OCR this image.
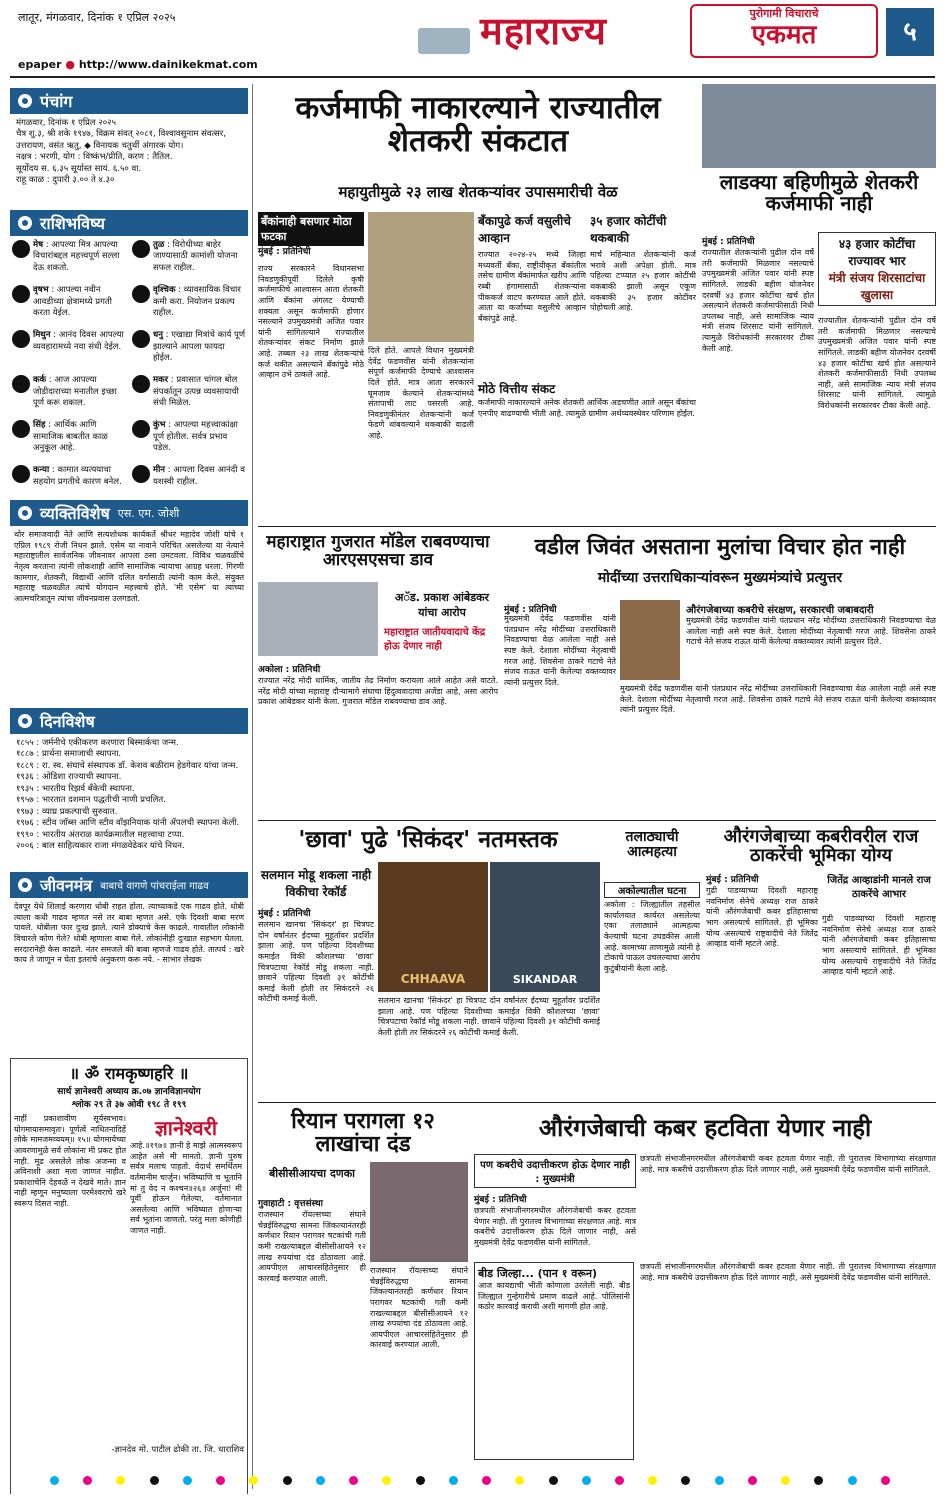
लातूर, मंगळवार, दिनांक १ एप्रिल २०२५	महाराज्य	पुरोगामी विचाराचे
एकमत	५
epaper ● http://www.dainikekmat.com
पंचांग
मंगळवार, दिनांक १ एप्रिल २०२५
चैत्र शु.३, श्री शके १९४७, विक्रम संवत् २०८१, विश्वावसुनाम संवत्सर, उत्तरायण, वसंत ऋतु, ◆ विनायक चतुर्थी अंगारक योग।
नक्षत्र : भरणी, योग : विष्कंभ/प्रीति, करण : तैतिल.
सूर्योदय स. ६.३५ सूर्यास्त सायं. ६.५० वा.
राहू काळ : दुपारी ३.०० ते ४.३०
राशिभविष्य
मेष : आपल्या मित्र आपल्या विचारांबद्दल महत्त्वपूर्ण सल्ला देऊ शकतो.
तुळ : विरोधीच्या बाहेर जाण्यासाठी कामांशी योजना सफल राहील.
वृषभ : आपल्या नवीन आवडीच्या क्षेत्रामध्ये प्रगती करता येईल.
वृश्चिक : व्यावसायिक विचार कमी करा. नियोजन प्रकल्प राहील.
मिथुन : आनंद दिवस आपल्या व्यवहारामध्ये नवा संधी देईल.
धनु : एखाद्या मित्रांचे कार्य पूर्ण झाल्याने आपला फायदा होईल.
कर्क : आज आपल्या जोडीदाराच्या मनातील इच्छा पूर्ण करू शकाल.
मकर : प्रवासात चांगल बोल संपर्कातून उत्पन्न व्यवसायाची संधी मिळेल.
सिंह : आर्थिक आणि सामाजिक बाबतीत काळ अनुकूल आहे.
कुंभ : आपल्या महत्त्वाकांक्षा पूर्ण होतील. सर्वत्र प्रभाव पडेल.
कन्या : कामात व्यत्ययाचा सहयोग प्रगतीचे कारण बनेल.
मीन : आपला दिवस आनंदी व यशस्वी राहील.
व्यक्तिविशेष एस. एम. जोशी
थोर समाजवादी नेते आणि सत्यशोधक कार्यकर्ते श्रीधर महादेव जोशी यांचे १ एप्रिल १९८९ रोजी निधन झाले. एसेम या नावाने परिचित असलेल्या या नेत्याने महाराष्ट्रातील सार्वजनिक जीवनावर आपला ठसा उमटवला. विविध चळवळींचे नेतृत्व करताना त्यांनी लोकशाही आणि सामाजिक न्यायाचा आग्रह धरला. गिरणी कामगार, शेतकरी, विद्यार्थी आणि दलित वर्गासाठी त्यांनी काम केले. संयुक्त महाराष्ट्र चळवळीत त्यांचे योगदान महत्त्वाचे होते. 'मी एसेम' या त्यांच्या आत्मचरित्रातून त्यांचा जीवनप्रवास उलगडतो.
दिनविशेष
१८५५ : जर्मनीचे एकीकरण करणारा बिस्मार्कचा जन्म.
१८८७ : प्रार्थना समाजाची स्थापना.
१८८९ : रा. स्व. संघाचे संस्थापक डॉ. केशव बळीराम हेडगेवार यांचा जन्म.
१९३६ : ओडिशा राज्याची स्थापना.
१९३५ : भारतीय रिझर्व बँकेची स्थापना.
१९५७ : भारतात दशमान पद्धतीची नाणी प्रचलित.
१९७३ : व्याघ्र प्रकल्पाची सुरुवात.
१९७६ : स्टीव जॉब्स आणि स्टीव वॉझनियाक यांनी ॲपलची स्थापना केली.
१९९० : भारतीय अंतराळ कार्यक्रमातील महत्त्वाचा टप्पा.
२००६ : बाल साहित्यकार राजा मंगळवेढेकर यांचे निधन.
जीवनमंत्र बाबाचे वागणे पांचराईला गाढव
देवपूर येथे शिलाई करणारा धोबी राहत होता. त्याच्याकडे एक गाढव होते. धोबी त्याला कधी गाढव म्हणत नसे तर बाबा म्हणत असे. एके दिवशी बाबा मरण पावले. धोबीला फार दुःख झाले. त्याने डोक्याचे केस काढले. गावातील लोकांनी विचारले कोण गेले? धोबी म्हणाला बाबा गेले. लोकांनीही दुःखात सहभाग घेतला. सरदारानेही केस काढले. नंतर समजले की बाबा म्हणजे गाढव होते. तात्पर्य : खरे काय ते जाणून न घेता इतरांचे अनुकरण करू नये. - साभार लेखक
॥ ॐ रामकृष्णहरि ॥
सार्थ ज्ञानेश्वरी अध्याय क्र.०७ ज्ञानविज्ञानयोग
श्लोक २९ ते ३७ ओवी १९८ ते १९९
नाहीं प्रकाशावीण सूर्यस्वभाव। योगमायासमावृतः। पूर्णत्वें नाथितनादिहें लोके मामजमव्ययम्॥ १५॥ योगमायेच्या आवरणामुळे सर्व लोकांना मी प्रकट होत नाही. मूढ असलेले लोक अजन्मा व अविनाशी अशा मला जाणत नाहीत. प्रकाशाचेनि देहवळें न देखवे माते। ज्ञान नाही म्हणून मनुष्याला परमेश्वराचे खरे स्वरूप दिसत नाही.
ज्ञानेश्वरी
आहे.॥१९७॥ ज्ञानी हे माझे आत्मस्वरूप आहेत असे मी मानतो. ज्ञानी पुरुष सर्वत्र मलाच पाहतो. वेदार्थ समर्थितम वर्तमानीम चार्जुन। भविष्याणि च भूतानि मां तु वेद न कश्चन॥२६॥ अर्जुना! मी पूर्वी होऊन गेलेल्या, वर्तमानात असलेल्या आणि भविष्यात होणाऱ्या सर्व भूतांना जाणतो. परंतु मला कोणीही जाणत नाही.
-ज्ञानदेव मो. पाटील ढोकी ता. जि. धाराशिव
कर्जमाफी नाकारल्याने राज्यातील शेतकरी संकटात
महायुतीमुळे २३ लाख शेतकऱ्यांवर उपासमारीची वेळ
बँकांनाही बसणार मोठा फटका
बँकापुढे कर्ज वसुलीचे आव्हान
३५ हजार कोटींची थकबाकी
राज्य सरकारने विधानसभा निवडणुकीपूर्वी दिलेले कृषी कर्जमाफीचे आश्वासन आता शेतकरी आणि बँकांना अंगलट येण्याची शक्यता असून कर्जमाफी होणार नसल्याने उपमुख्यमंत्री अजित पवार यांनी सांगितल्याने राज्यातील शेतकऱ्यांवर संकट निर्माण झाले आहे. तब्बल २३ लाख शेतकऱ्यांचे कर्ज थकीत असल्याने बँकांपुढे मोठे आव्हान उभे ठाकले आहे.
दिले होते. आपले विधान मुख्यमंत्री देवेंद्र फडणवीस यांनी शेतकऱ्यांना संपूर्ण कर्जमाफी देण्याचे आश्वासन दिले होते. मात्र आता सरकारने घूमजाव केल्याने शेतकऱ्यांमध्ये संतापाची लाट पसरली आहे. निवडणुकीनंतर शेतकऱ्यांनी कर्ज फेडणे थांबवल्याने थकबाकी वाढली आहे.
राज्यात २०२४-२५ मध्ये जिल्हा मध्यवर्ती बँका, राष्ट्रीयीकृत बँकांतील तसेच ग्रामीण बँकांमार्फत खरीप आणि रब्बी हंगामासाठी शेतकऱ्यांना पीककर्ज वाटप करण्यात आले होते. आता या कर्जाच्या वसुलीचे आव्हान बँकांपुढे आहे.
मार्च महिन्यात शेतकऱ्यांनी कर्ज भरावे अशी अपेक्षा होती. मात्र पहिल्या टप्प्यात २५ हजार कोटींची थकबाकी झाली असून एकूण थकबाकी ३५ हजार कोटींवर पोहोचली आहे.
मोठे वित्तीय संकट
कर्जमाफी नाकारल्याने अनेक शेतकरी आर्थिक अडचणीत आले असून बँकांचा एनपीए वाढण्याची भीती आहे. त्यामुळे ग्रामीण अर्थव्यवस्थेवर परिणाम होईल.
मुंबई : प्रतिनिधी
लाडक्या बहिणीमुळे शेतकरी कर्जमाफी नाही
मुंबई : प्रतिनिधी
राज्यातील शेतकऱ्यांनी पुढील दोन वर्षे तरी कर्जमाफी मिळणार नसल्याचे उपमुख्यमंत्री अजित पवार यांनी स्पष्ट सांगितले. लाडकी बहीण योजनेवर दरवर्षी ४३ हजार कोटींचा खर्च होत असल्याने शेतकरी कर्जमाफीसाठी निधी उपलब्ध नाही, असे सामाजिक न्याय मंत्री संजय शिरसाट यांनी सांगितले. त्यामुळे विरोधकांनी सरकारवर टीका केली आहे.
४३ हजार कोटींचा राज्यावर भार
मंत्री संजय शिरसाटांचा खुलासा
राज्यातील शेतकऱ्यांनी पुढील दोन वर्षे तरी कर्जमाफी मिळणार नसल्याचे उपमुख्यमंत्री अजित पवार यांनी स्पष्ट सांगितले. लाडकी बहीण योजनेवर दरवर्षी ४३ हजार कोटींचा खर्च होत असल्याने शेतकरी कर्जमाफीसाठी निधी उपलब्ध नाही, असे सामाजिक न्याय मंत्री संजय शिरसाट यांनी सांगितले. त्यामुळे विरोधकांनी सरकारवर टीका केली आहे.
महाराष्ट्रात गुजरात मॉडेल राबवण्याचा आरएसएसचा डाव
अॅड. प्रकाश आंबेडकर यांचा आरोप
महाराष्ट्रात जातीयवादाचे केंद्र होऊ देणार नाही
अकोला : प्रतिनिधी
राज्यात नरेंद्र मोदी धार्मिक, जातीय तेढ निर्माण करायला आले आहेत असे वाटते. नरेंद्र मोदी यांच्या महाराष्ट्र दौऱ्यामागे संघाचा हिंदुत्ववादाचा अजेंडा आहे, असा आरोप प्रकाश आंबेडकर यांनी केला. गुजरात मॉडेल राबवण्याचा डाव आहे.
वडील जिवंत असताना मुलांचा विचार होत नाही
मोदींच्या उत्तराधिकाऱ्यांवरून मुख्यमंत्र्यांचे प्रत्युत्तर
मुंबई : प्रतिनिधी
मुख्यमंत्री देवेंद्र फडणवीस यांनी पंतप्रधान नरेंद्र मोदींच्या उत्तराधिकारी निवडण्याचा वेळ आलेला नाही असे स्पष्ट केले. देशाला मोदींच्या नेतृत्वाची गरज आहे. शिवसेना ठाकरे गटाचे नेते संजय राऊत यांनी केलेल्या वक्तव्यावर त्यांनी प्रत्युत्तर दिले.
औरंगजेबाच्या कबरीचे संरक्षण, सरकारची जबाबदारी
मुख्यमंत्री देवेंद्र फडणवीस यांनी पंतप्रधान नरेंद्र मोदींच्या उत्तराधिकारी निवडण्याचा वेळ आलेला नाही असे स्पष्ट केले. देशाला मोदींच्या नेतृत्वाची गरज आहे. शिवसेना ठाकरे गटाचे नेते संजय राऊत यांनी केलेल्या वक्तव्यावर त्यांनी प्रत्युत्तर दिले.
मुख्यमंत्री देवेंद्र फडणवीस यांनी पंतप्रधान नरेंद्र मोदींच्या उत्तराधिकारी निवडण्याचा वेळ आलेला नाही असे स्पष्ट केले. देशाला मोदींच्या नेतृत्वाची गरज आहे. शिवसेना ठाकरे गटाचे नेते संजय राऊत यांनी केलेल्या वक्तव्यावर त्यांनी प्रत्युत्तर दिले.
'छावा' पुढे 'सिकंदर' नतमस्तक
सलमान मोडू शकला नाही विकीचा रेकॉर्ड
मुंबई : प्रतिनिधी
CHHAAVA	SIKANDAR
सलमान खानचा 'सिकंदर' हा चित्रपट दोन वर्षांनंतर ईदच्या मुहूर्तावर प्रदर्शित झाला आहे. पण पहिल्या दिवशीच्या कमाईत विकी कौशलच्या 'छावा' चित्रपटाचा रेकॉर्ड मोडू शकला नाही. छावाने पहिल्या दिवशी ३१ कोटींची कमाई केली होती तर सिकंदरने २६ कोटींची कमाई केली.	सलमान खानचा 'सिकंदर' हा चित्रपट दोन वर्षांनंतर ईदच्या मुहूर्तावर प्रदर्शित झाला आहे. पण पहिल्या दिवशीच्या कमाईत विकी कौशलच्या 'छावा' चित्रपटाचा रेकॉर्ड मोडू शकला नाही. छावाने पहिल्या दिवशी ३१ कोटींची कमाई केली होती तर सिकंदरने २६ कोटींची कमाई केली.
तलाठ्याची आत्महत्या
अकोल्यातील घटना
अकोला : जिल्ह्यातील तहसील कार्यालयात कार्यरत असलेल्या एका तलाठ्याने आत्महत्या केल्याची घटना उघडकीस आली आहे. कामाच्या ताणामुळे त्यांनी हे टोकाचे पाऊल उचलल्याचा आरोप कुटुंबीयांनी केला आहे.
औरंगजेबाच्या कबरीवरील राज ठाकरेंची भूमिका योग्य
मुंबई : प्रतिनिधी	जितेंद्र आव्हाडांनी मानले राज ठाकरेंचे आभार
गुढी पाडव्याच्या दिवशी महाराष्ट्र नवनिर्माण सेनेचे अध्यक्ष राज ठाकरे यांनी औरंगजेबाची कबर इतिहासाचा भाग असल्याचे सांगितले. ही भूमिका योग्य असल्याचे राष्ट्रवादीचे नेते जितेंद्र आव्हाड यांनी म्हटले आहे.
गुढी पाडव्याच्या दिवशी महाराष्ट्र नवनिर्माण सेनेचे अध्यक्ष राज ठाकरे यांनी औरंगजेबाची कबर इतिहासाचा भाग असल्याचे सांगितले. ही भूमिका योग्य असल्याचे राष्ट्रवादीचे नेते जितेंद्र आव्हाड यांनी म्हटले आहे.
रियान परागला १२ लाखांचा दंड
बीसीसीआयचा दणका
गुवाहाटी : वृत्तसंस्था
राजस्थान रॉयल्सच्या संघाने चेन्नईविरुद्धचा सामना जिंकल्यानंतरही कर्णधार रियान परागवर षटकांची गती कमी राखल्याबद्दल बीसीसीआयने १२ लाख रुपयांचा दंड ठोठावला आहे. आयपीएल आचारसंहितेनुसार ही कारवाई करण्यात आली.
राजस्थान रॉयल्सच्या संघाने चेन्नईविरुद्धचा सामना जिंकल्यानंतरही कर्णधार रियान परागवर षटकांची गती कमी राखल्याबद्दल बीसीसीआयने १२ लाख रुपयांचा दंड ठोठावला आहे. आयपीएल आचारसंहितेनुसार ही कारवाई करण्यात आली.
औरंगजेबाची कबर हटविता येणार नाही
पण कबरीचे उदात्तीकरण होऊ देणार नाही : मुख्यमंत्री
मुंबई : प्रतिनिधी
छत्रपती संभाजीनगरमधील औरंगजेबाची कबर हटवता येणार नाही. ती पुरातत्त्व विभागाच्या संरक्षणात आहे. मात्र कबरीचे उदात्तीकरण होऊ दिले जाणार नाही, असे मुख्यमंत्री देवेंद्र फडणवीस यांनी सांगितले.
छत्रपती संभाजीनगरमधील औरंगजेबाची कबर हटवता येणार नाही. ती पुरातत्त्व विभागाच्या संरक्षणात आहे. मात्र कबरीचे उदात्तीकरण होऊ दिले जाणार नाही, असे मुख्यमंत्री देवेंद्र फडणवीस यांनी सांगितले.
बीड जिल्हा... (पान १ वरून)
आज कायद्याची भीती कोणाला उरलेली नाही. बीड जिल्ह्यात गुन्हेगारीचे प्रमाण वाढले आहे. पोलिसांनी कठोर कारवाई करावी अशी मागणी होत आहे.
छत्रपती संभाजीनगरमधील औरंगजेबाची कबर हटवता येणार नाही. ती पुरातत्त्व विभागाच्या संरक्षणात आहे. मात्र कबरीचे उदात्तीकरण होऊ दिले जाणार नाही, असे मुख्यमंत्री देवेंद्र फडणवीस यांनी सांगितले.
